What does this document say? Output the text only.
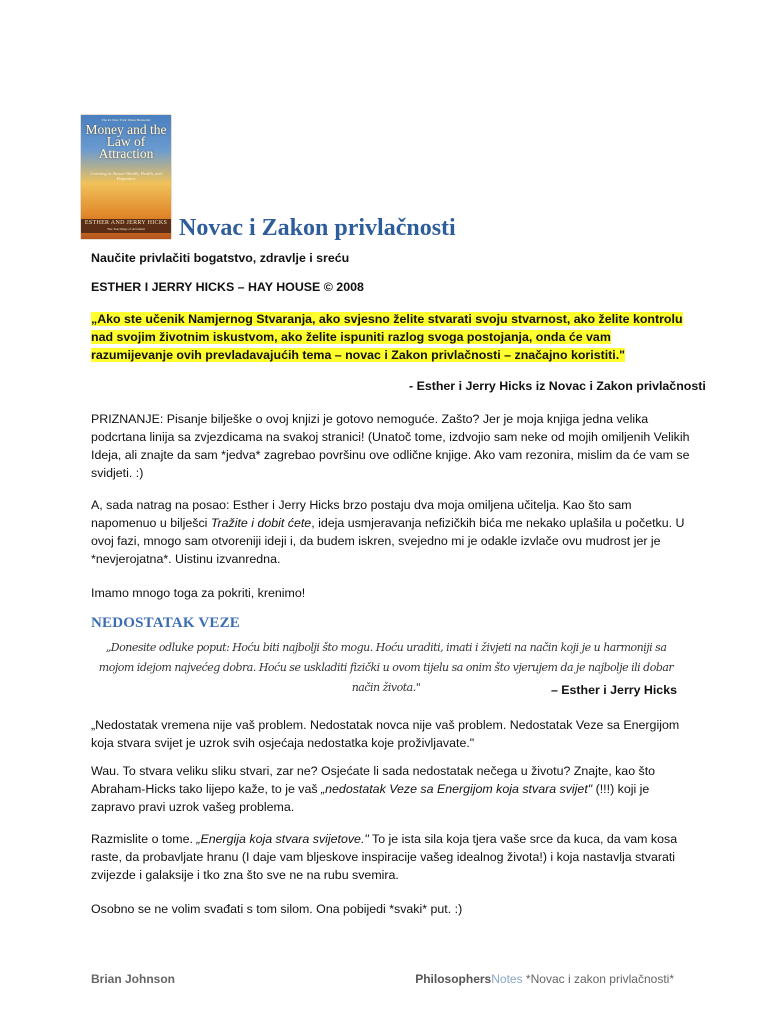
The #1 New York Times Bestseller
Money and the Law of Attraction
Learning to Attract Wealth, Health, and Happiness
ESTHER AND JERRY HICKS
The Teachings of Abraham	Novac i Zakon privlačnosti

Naučite privlačiti bogatstvo, zdravlje i sreću

ESTHER I JERRY HICKS – HAY HOUSE © 2008

„Ako ste učenik Namjernog Stvaranja, ako svjesno želite stvarati svoju stvarnost, ako želite kontrolu nad svojim životnim iskustvom, ako želite ispuniti razlog svoga postojanja, onda će vam razumijevanje ovih prevladavajućih tema – novac i Zakon privlačnosti – značajno koristiti."

- Esther i Jerry Hicks iz Novac i Zakon privlačnosti

PRIZNANJE: Pisanje bilješke o ovoj knjizi je gotovo nemoguće. Zašto? Jer je moja knjiga jedna velika podcrtana linija sa zvjezdicama na svakoj stranici! (Unatoč tome, izdvojio sam neke od mojih omiljenih Velikih Ideja, ali znajte da sam *jedva* zagrebao površinu ove odlične knjige. Ako vam rezonira, mislim da će vam se svidjeti. :)

A, sada natrag na posao: Esther i Jerry Hicks brzo postaju dva moja omiljena učitelja. Kao što sam napomenuo u bilješci Tražite i dobit ćete, ideja usmjeravanja nefizičkih bića me nekako uplašila u početku. U ovoj fazi, mnogo sam otvoreniji ideji i, da budem iskren, svejedno mi je odakle izvlače ovu mudrost jer je *nevjerojatna*. Uistinu izvanredna.

Imamo mnogo toga za pokriti, krenimo!

NEDOSTATAK VEZE
„Donesite odluke poput: Hoću biti najbolji što mogu. Hoću uraditi, imati i živjeti na način koji je u harmoniji sa mojom idejom najvećeg dobra. Hoću se uskladiti fizički u ovom tijelu sa onim što vjerujem da je najbolje ili dobar način života."	– Esther i Jerry Hicks

„Nedostatak vremena nije vaš problem. Nedostatak novca nije vaš problem. Nedostatak Veze sa Energijom koja stvara svijet je uzrok svih osjećaja nedostatka koje proživljavate."

Wau. To stvara veliku sliku stvari, zar ne? Osjećate li sada nedostatak nečega u životu? Znajte, kao što Abraham-Hicks tako lijepo kaže, to je vaš „nedostatak Veze sa Energijom koja stvara svijet" (!!!) koji je zapravo pravi uzrok vašeg problema.

Razmislite o tome. „Energija koja stvara svijetove." To je ista sila koja tjera vaše srce da kuca, da vam kosa raste, da probavljate hranu (I daje vam bljeskove inspiracije vašeg idealnog života!) i koja nastavlja stvarati zvijezde i galaksije i tko zna što sve ne na rubu svemira.

Osobno se ne volim svađati s tom silom. Ona pobijedi *svaki* put. :)

Brian Johnson	PhilosophersNotes *Novac i zakon privlačnosti*
